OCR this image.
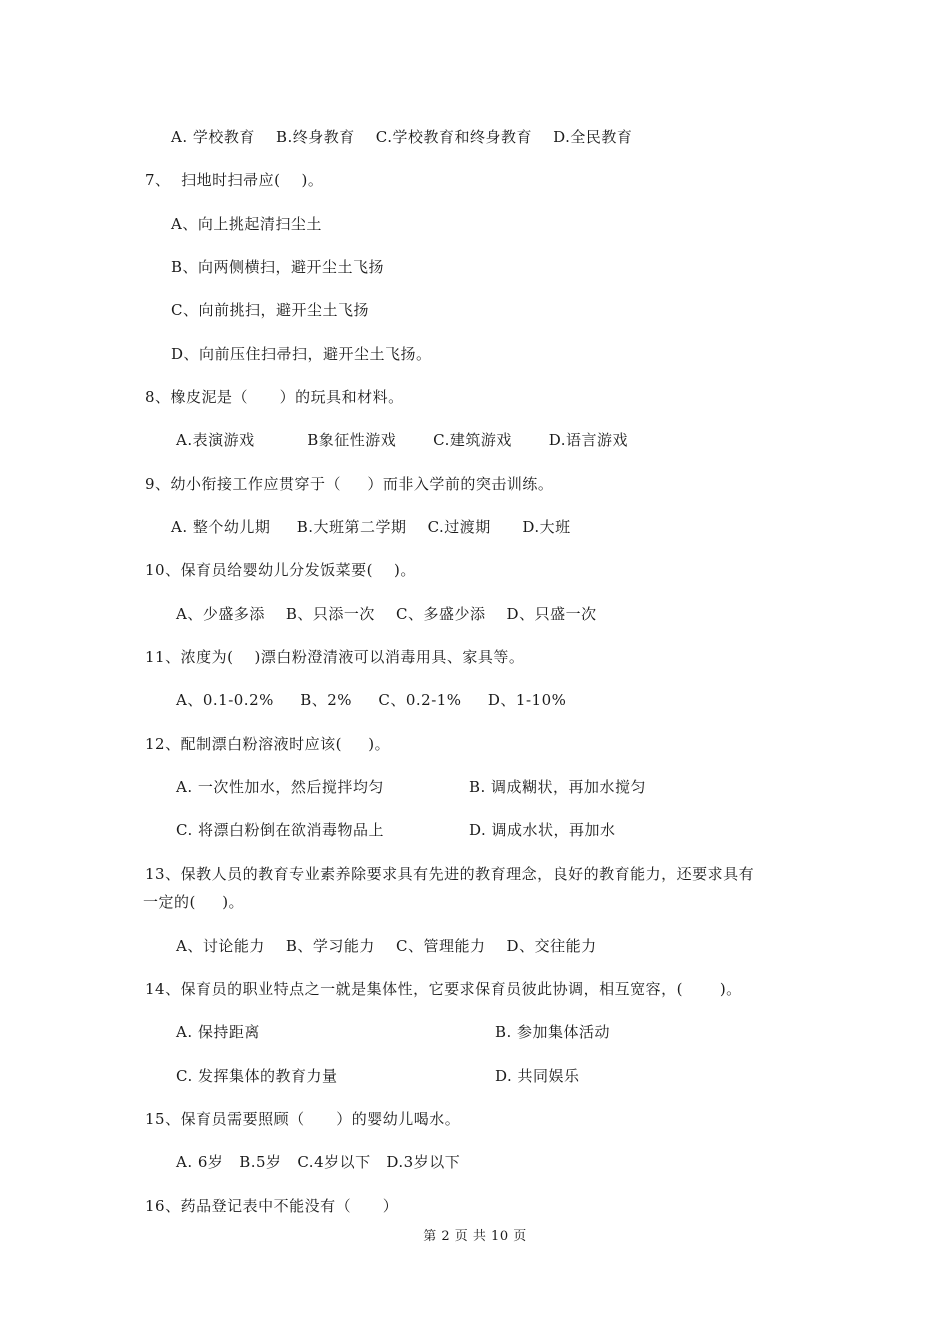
A. 学校教育    B.终身教育    C.学校教育和终身教育    D.全民教育
7、  扫地时扫帚应(    )。
A、向上挑起清扫尘土
B、向两侧横扫，避开尘土飞扬
C、向前挑扫，避开尘土飞扬
D、向前压住扫帚扫，避开尘土飞扬。
8、橡皮泥是（      ）的玩具和材料。
A.表演游戏          B象征性游戏       C.建筑游戏       D.语言游戏
9、幼小衔接工作应贯穿于（     ）而非入学前的突击训练。
A. 整个幼儿期     B.大班第二学期    C.过渡期      D.大班
10、保育员给婴幼儿分发饭菜要(    )。
A、少盛多添    B、只添一次    C、多盛少添    D、只盛一次
11、浓度为(    )漂白粉澄清液可以消毒用具、家具等。
A、0.1-0.2%     B、2%     C、0.2-1%     D、1-10%
12、配制漂白粉溶液时应该(     )。
A. 一次性加水，然后搅拌均匀	B. 调成糊状，再加水搅匀
C. 将漂白粉倒在欲消毒物品上	D. 调成水状，再加水
13、保教人员的教育专业素养除要求具有先进的教育理念，良好的教育能力，还要求具有
一定的(     )。
A、讨论能力    B、学习能力    C、管理能力    D、交往能力
14、保育员的职业特点之一就是集体性，它要求保育员彼此协调，相互宽容，(       )。
A. 保持距离	B. 参加集体活动
C. 发挥集体的教育力量	D. 共同娱乐
15、保育员需要照顾（      ）的婴幼儿喝水。
A. 6岁   B.5岁   C.4岁以下   D.3岁以下
16、药品登记表中不能没有（      ）
第 2 页 共 10 页
